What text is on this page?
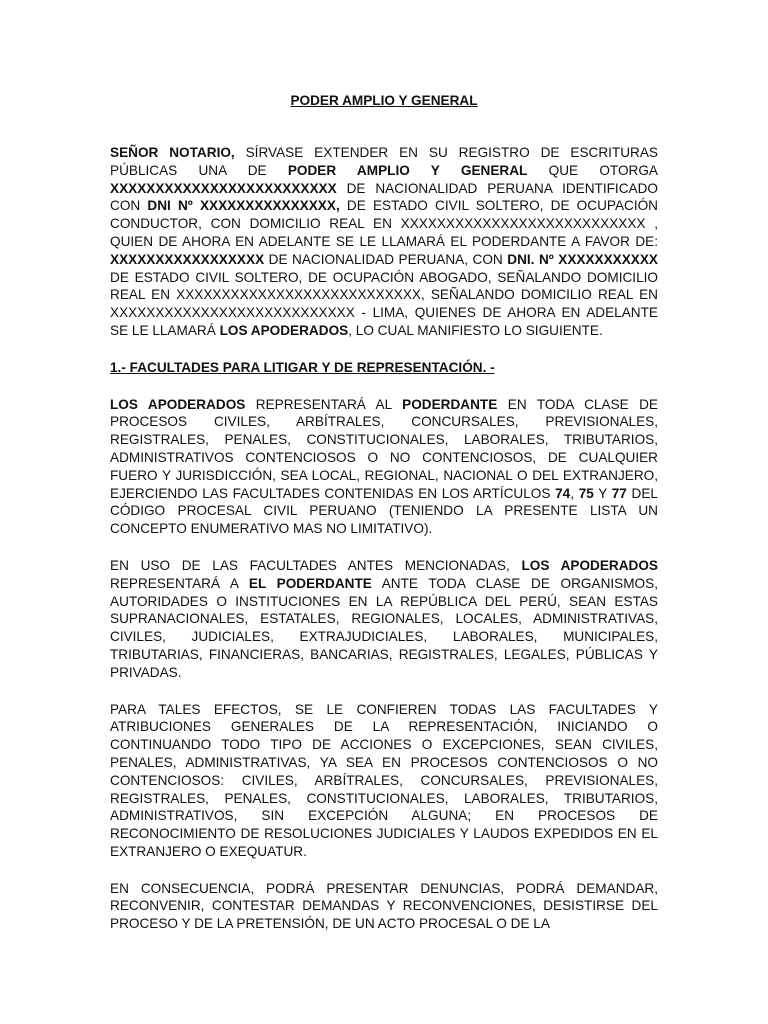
PODER AMPLIO Y GENERAL

SEÑOR NOTARIO, SÍRVASE EXTENDER EN SU REGISTRO DE ESCRITURAS PÚBLICAS UNA DE PODER AMPLIO Y GENERAL QUE OTORGA XXXXXXXXXXXXXXXXXXXXXXXXX DE NACIONALIDAD PERUANA IDENTIFICADO CON DNI Nº XXXXXXXXXXXXXXX, DE ESTADO CIVIL SOLTERO, DE OCUPACIÓN CONDUCTOR, CON DOMICILIO REAL EN XXXXXXXXXXXXXXXXXXXXXXXXXXX , QUIEN DE AHORA EN ADELANTE SE LE LLAMARÁ EL PODERDANTE A FAVOR DE: XXXXXXXXXXXXXXXXX DE NACIONALIDAD PERUANA, CON DNI. Nº XXXXXXXXXXX DE ESTADO CIVIL SOLTERO, DE OCUPACIÓN ABOGADO, SEÑALANDO DOMICILIO REAL EN XXXXXXXXXXXXXXXXXXXXXXXXXXX, SEÑALANDO DOMICILIO REAL EN XXXXXXXXXXXXXXXXXXXXXXXXXXX - LIMA, QUIENES DE AHORA EN ADELANTE SE LE LLAMARÁ LOS APODERADOS, LO CUAL MANIFIESTO LO SIGUIENTE.

1.- FACULTADES PARA LITIGAR Y DE REPRESENTACIÓN. -

LOS APODERADOS REPRESENTARÁ AL PODERDANTE EN TODA CLASE DE PROCESOS CIVILES, ARBÍTRALES, CONCURSALES, PREVISIONALES, REGISTRALES, PENALES, CONSTITUCIONALES, LABORALES, TRIBUTARIOS, ADMINISTRATIVOS CONTENCIOSOS O NO CONTENCIOSOS, DE CUALQUIER FUERO Y JURISDICCIÓN, SEA LOCAL, REGIONAL, NACIONAL O DEL EXTRANJERO, EJERCIENDO LAS FACULTADES CONTENIDAS EN LOS ARTÍCULOS 74, 75 Y 77 DEL CÓDIGO PROCESAL CIVIL PERUANO (TENIENDO LA PRESENTE LISTA UN CONCEPTO ENUMERATIVO MAS NO LIMITATIVO).

EN USO DE LAS FACULTADES ANTES MENCIONADAS, LOS APODERADOS REPRESENTARÁ A EL PODERDANTE ANTE TODA CLASE DE ORGANISMOS, AUTORIDADES O INSTITUCIONES EN LA REPÚBLICA DEL PERÚ, SEAN ESTAS SUPRANACIONALES, ESTATALES, REGIONALES, LOCALES, ADMINISTRATIVAS, CIVILES, JUDICIALES, EXTRAJUDICIALES, LABORALES, MUNICIPALES, TRIBUTARIAS, FINANCIERAS, BANCARIAS, REGISTRALES, LEGALES, PÚBLICAS Y PRIVADAS.

PARA TALES EFECTOS, SE LE CONFIEREN TODAS LAS FACULTADES Y ATRIBUCIONES GENERALES DE LA REPRESENTACIÓN, INICIANDO O CONTINUANDO TODO TIPO DE ACCIONES O EXCEPCIONES, SEAN CIVILES, PENALES, ADMINISTRATIVAS, YA SEA EN PROCESOS CONTENCIOSOS O NO CONTENCIOSOS: CIVILES, ARBÍTRALES, CONCURSALES, PREVISIONALES, REGISTRALES, PENALES, CONSTITUCIONALES, LABORALES, TRIBUTARIOS, ADMINISTRATIVOS, SIN EXCEPCIÓN ALGUNA; EN PROCESOS DE RECONOCIMIENTO DE RESOLUCIONES JUDICIALES Y LAUDOS EXPEDIDOS EN EL EXTRANJERO O EXEQUATUR.

EN CONSECUENCIA, PODRÁ PRESENTAR DENUNCIAS, PODRÁ DEMANDAR, RECONVENIR, CONTESTAR DEMANDAS Y RECONVENCIONES, DESISTIRSE DEL PROCESO Y DE LA PRETENSIÓN, DE UN ACTO PROCESAL O DE LA
